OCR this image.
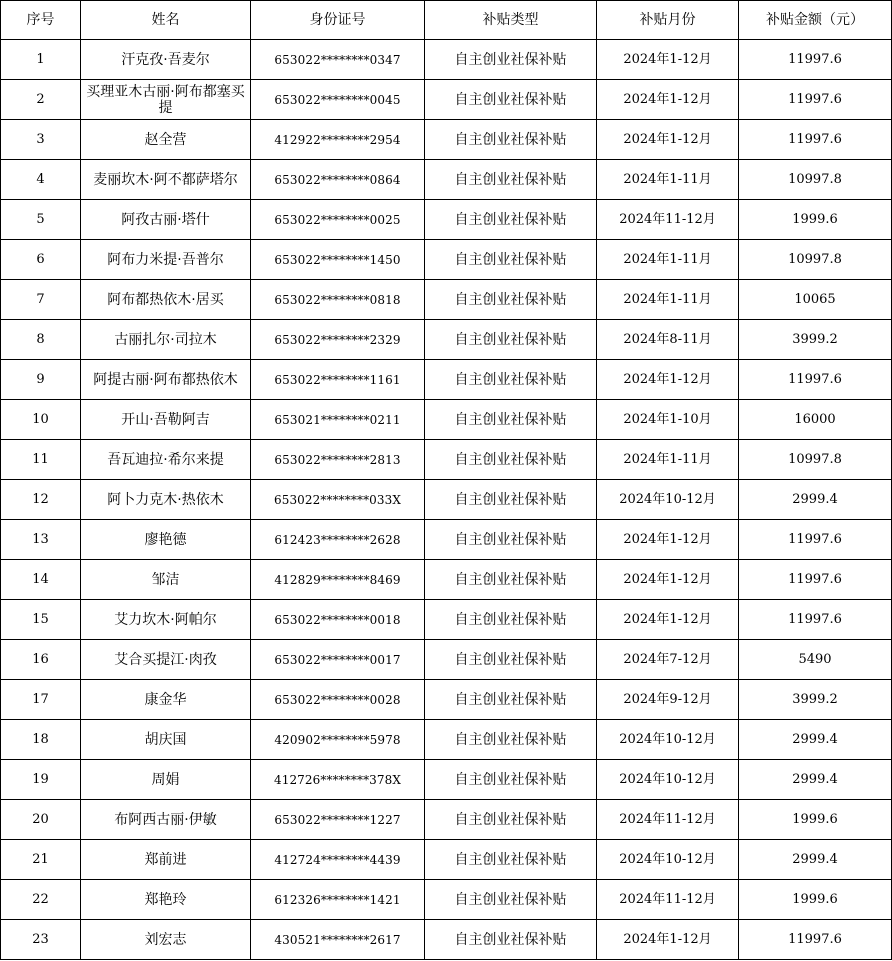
序号	姓名	身份证号	补贴类型	补贴月份	补贴金额（元）
1	汗克孜·吾麦尔	653022********0347	自主创业社保补贴	2024年1-12月	11997.6
2	买理亚木古丽·阿布都塞买提	653022********0045	自主创业社保补贴	2024年1-12月	11997.6
3	赵全营	412922********2954	自主创业社保补贴	2024年1-12月	11997.6
4	麦丽坎木·阿不都萨塔尔	653022********0864	自主创业社保补贴	2024年1-11月	10997.8
5	阿孜古丽·塔什	653022********0025	自主创业社保补贴	2024年11-12月	1999.6
6	阿布力米提·吾普尔	653022********1450	自主创业社保补贴	2024年1-11月	10997.8
7	阿布都热依木·居买	653022********0818	自主创业社保补贴	2024年1-11月	10065
8	古丽扎尔·司拉木	653022********2329	自主创业社保补贴	2024年8-11月	3999.2
9	阿提古丽·阿布都热依木	653022********1161	自主创业社保补贴	2024年1-12月	11997.6
10	开山·吾勒阿吉	653021********0211	自主创业社保补贴	2024年1-10月	16000
11	吾瓦迪拉·希尔来提	653022********2813	自主创业社保补贴	2024年1-11月	10997.8
12	阿卜力克木·热依木	653022********033X	自主创业社保补贴	2024年10-12月	2999.4
13	廖艳德	612423********2628	自主创业社保补贴	2024年1-12月	11997.6
14	邹洁	412829********8469	自主创业社保补贴	2024年1-12月	11997.6
15	艾力坎木·阿帕尔	653022********0018	自主创业社保补贴	2024年1-12月	11997.6
16	艾合买提江·肉孜	653022********0017	自主创业社保补贴	2024年7-12月	5490
17	康金华	653022********0028	自主创业社保补贴	2024年9-12月	3999.2
18	胡庆国	420902********5978	自主创业社保补贴	2024年10-12月	2999.4
19	周娟	412726********378X	自主创业社保补贴	2024年10-12月	2999.4
20	布阿西古丽·伊敏	653022********1227	自主创业社保补贴	2024年11-12月	1999.6
21	郑前进	412724********4439	自主创业社保补贴	2024年10-12月	2999.4
22	郑艳玲	612326********1421	自主创业社保补贴	2024年11-12月	1999.6
23	刘宏志	430521********2617	自主创业社保补贴	2024年1-12月	11997.6
